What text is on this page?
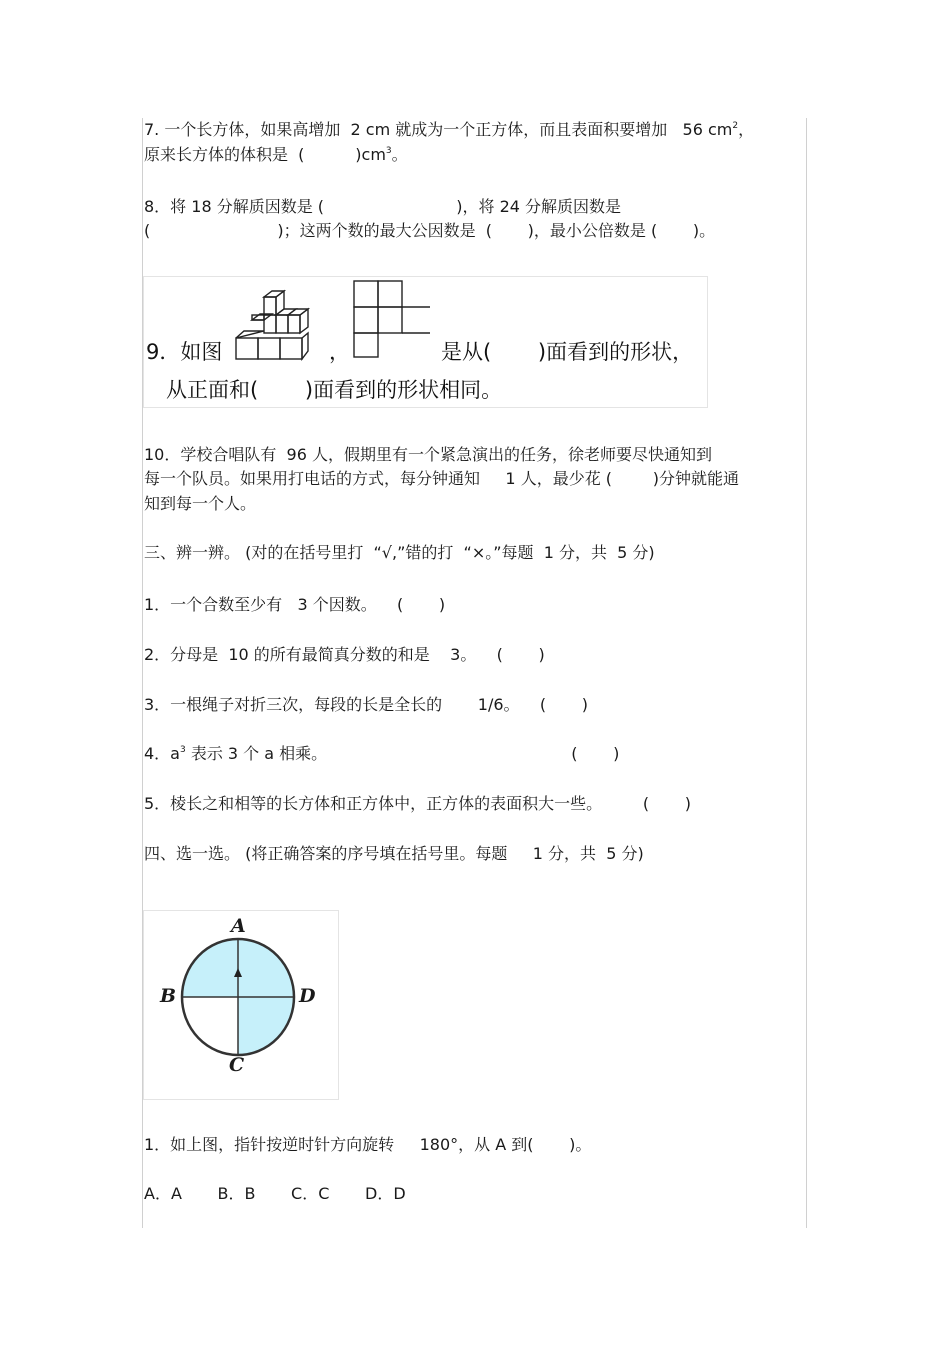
7. 一个长方体，如果高增加  2 cm 就成为一个正方体，而且表面积要增加   56 $cm^2$，
原来长方体的体积是  (          )$cm^3$。
8．将 18 分解质因数是 (                          )，将 24 分解质因数是
(                         )；这两个数的最大公因数是  (       )，最小公倍数是 (       )。
9．如图	，	是从(       )面看到的形状，
从正面和(       )面看到的形状相同。
10．学校合唱队有  96 人，假期里有一个紧急演出的任务，徐老师要尽快通知到
每一个队员。如果用打电话的方式，每分钟通知     1 人，最少花 (        )分钟就能通
知到每一个人。
三、辨一辨。 (对的在括号里打  “√,”错的打  “×。”每题  1 分，共  5 分)
1．一个合数至少有   3 个因数。    (       )
2．分母是  10 的所有最简真分数的和是    3。    (       )
3．一根绳子对折三次，每段的长是全长的       1/6。    (       )
4．$a^3$ 表示 3 个 a 相乘。                                                (       )
5．棱长之和相等的长方体和正方体中，正方体的表面积大一些。        (       )
四、选一选。 (将正确答案的序号填在括号里。每题     1 分，共  5 分)
A
B	D
C
1．如上图，指针按逆时针方向旋转     180°，从 A 到(       )。
A．A       B．B       C．C       D．D
